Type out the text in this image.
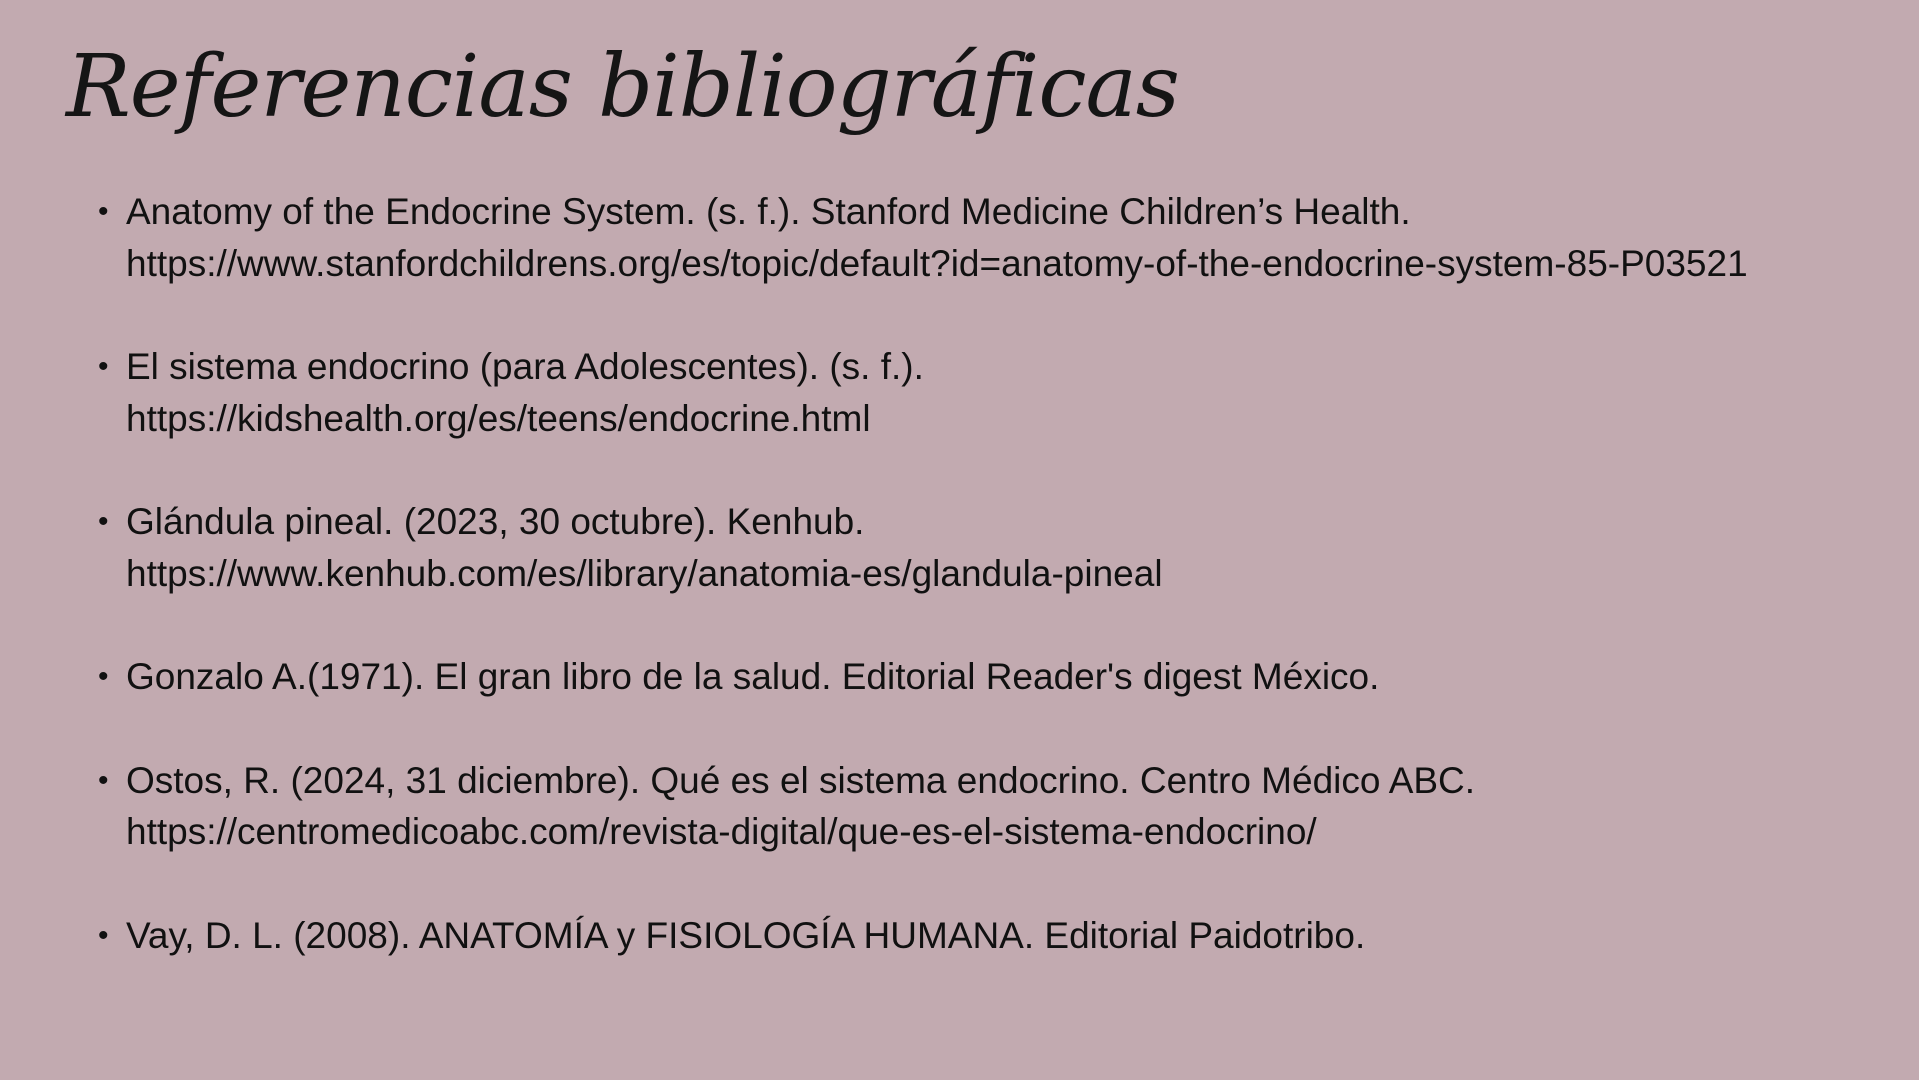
Referencias bibliográficas
• Anatomy of the Endocrine System. (s. f.). Stanford Medicine Children’s Health.
https://www.stanfordchildrens.org/es/topic/default?id=anatomy-of-the-endocrine-system-85-P03521
• El sistema endocrino (para Adolescentes). (s. f.).
https://kidshealth.org/es/teens/endocrine.html
• Glándula pineal. (2023, 30 octubre). Kenhub.
https://www.kenhub.com/es/library/anatomia-es/glandula-pineal
• Gonzalo A.(1971). El gran libro de la salud. Editorial Reader's digest México.
• Ostos, R. (2024, 31 diciembre). Qué es el sistema endocrino. Centro Médico ABC.
https://centromedicoabc.com/revista-digital/que-es-el-sistema-endocrino/
• Vay, D. L. (2008). ANATOMÍA y FISIOLOGÍA HUMANA. Editorial Paidotribo.
